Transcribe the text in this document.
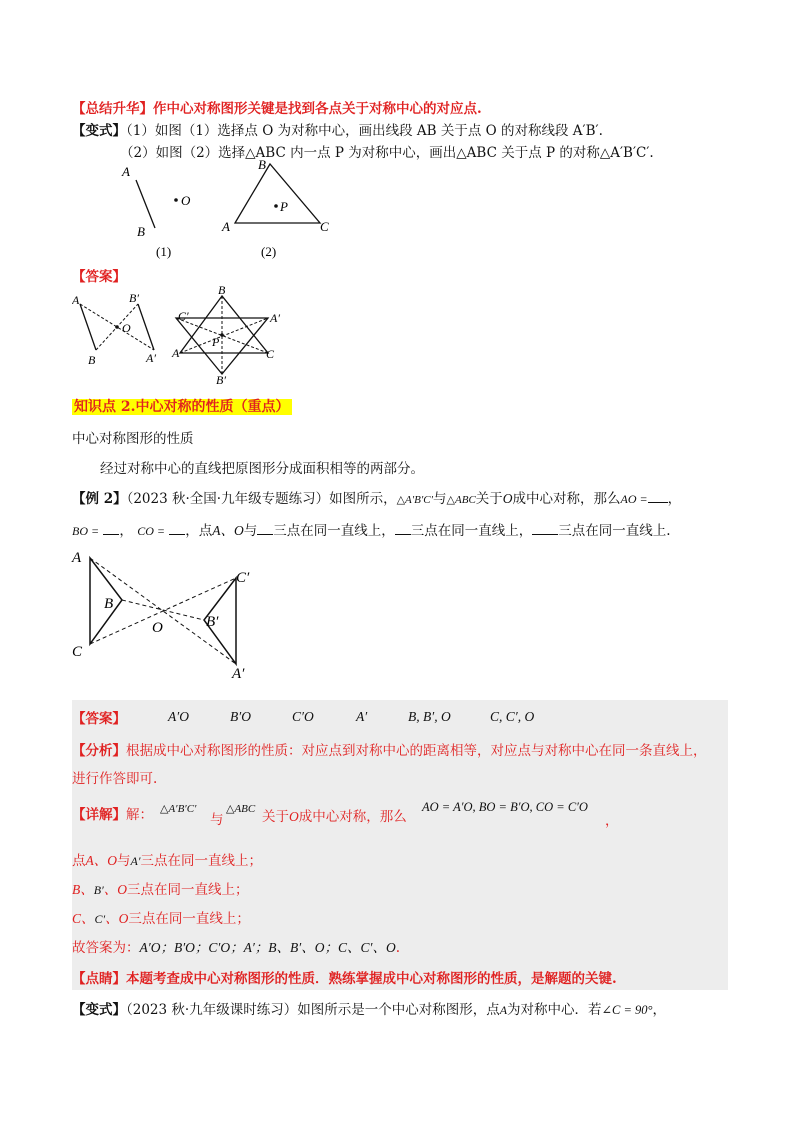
【总结升华】作中心对称图形关键是找到各点关于对称中心的对应点.
【变式】（1）如图（1）选择点 O 为对称中心，画出线段 AB 关于点 O 的对称线段 A′B′.
（2）如图（2）选择△ABC 内一点 P 为对称中心，画出△ABC 关于点 P 的对称△A′B′C′.
A
B
O
(1)
P
A	C
B
(2)
【答案】
A
B
O
B′
A′ A
B
C
C′	A′
B′
P
知识点 2.中心对称的性质（重点）
中心对称图形的性质
经过对称中心的直线把原图形分成面积相等的两部分。
【例 2】（2023 秋·全国·九年级专题练习）如图所示，△A′B′C′与△ABC关于O成中心对称，那么AO = ，
BO = ， CO = ，点A、O与 三点在同一直线上， 三点在同一直线上， 三点在同一直线上.
A
B
C
O
C′
B′
A′
【答案】	A′O	B′O	C′O	A′	B, B′, O	C, C′, O
【分析】根据成中心对称图形的性质：对应点到对称中心的距离相等，对应点与对称中心在同一条直线上，
进行作答即可.
【详解】解： △A′B′C′
与
△ABC 关于O成中心对称，那么
AO = A′O, BO = B′O, CO = C′O
，
点A、O与A′三点在同一直线上；
B、B′、O三点在同一直线上；
C、C′、O三点在同一直线上；
故答案为：A′O；B′O；C′O；A′；B、B′、O；C、C′、O.
【点睛】本题考查成中心对称图形的性质．熟练掌握成中心对称图形的性质，是解题的关键.
【变式】（2023 秋·九年级课时练习）如图所示是一个中心对称图形，点A为对称中心．若∠C = 90°，
